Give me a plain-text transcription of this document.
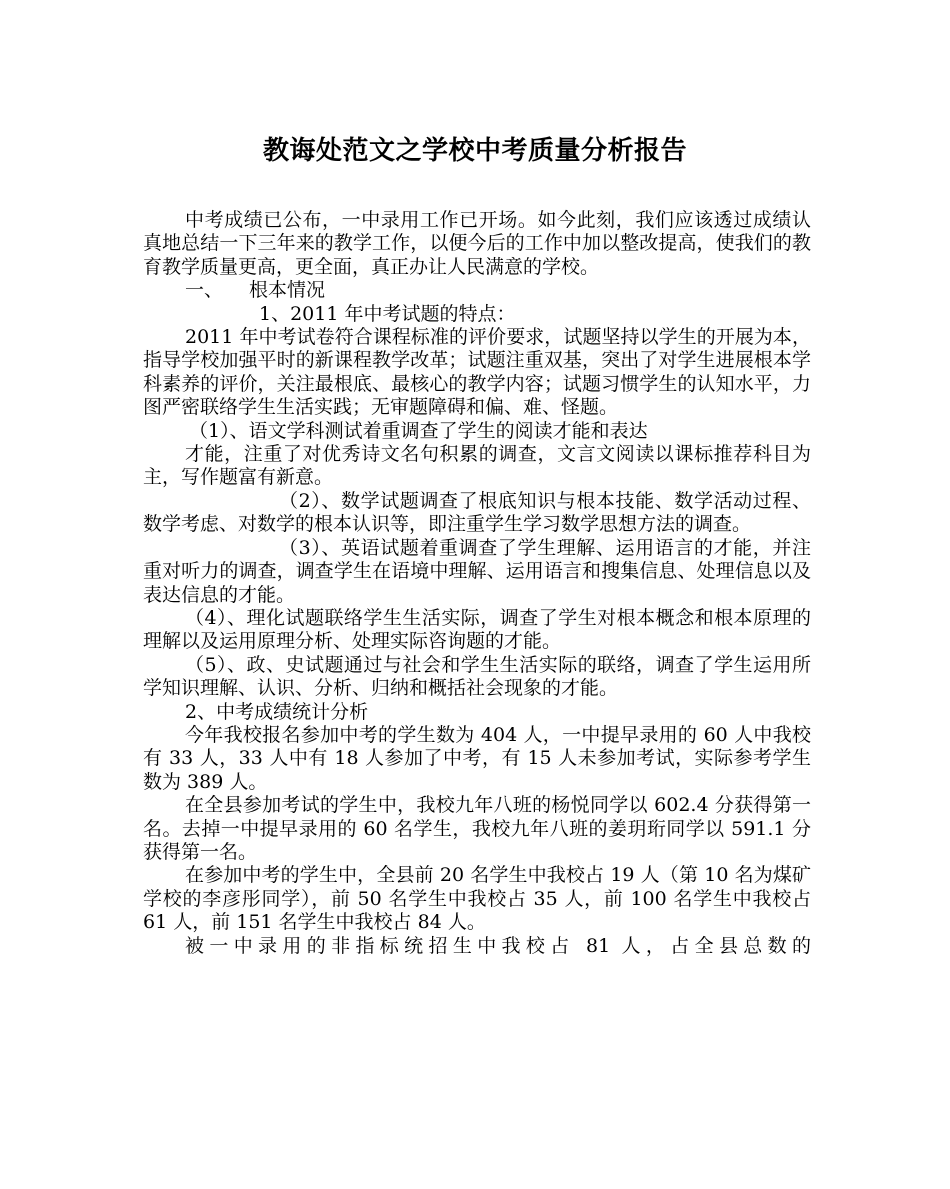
教诲处范文之学校中考质量分析报告

中考成绩已公布，一中录用工作已开场。如今此刻，我们应该透过成绩认真地总结一下三年来的教学工作，以便今后的工作中加以整改提高，使我们的教育教学质量更高，更全面，真正办让人民满意的学校。

一、 根本情况

1、2011 年中考试题的特点：

2011 年中考试卷符合课程标准的评价要求，试题坚持以学生的开展为本，指导学校加强平时的新课程教学改革；试题注重双基，突出了对学生进展根本学科素养的评价，关注最根底、最核心的教学内容；试题习惯学生的认知水平，力图严密联络学生生活实践；无审题障碍和偏、难、怪题。

（1）、语文学科测试着重调查了学生的阅读才能和表达

才能，注重了对优秀诗文名句积累的调查，文言文阅读以课标推荐科目为主，写作题富有新意。

（2）、数学试题调查了根底知识与根本技能、数学活动过程、数学考虑、对数学的根本认识等，即注重学生学习数学思想方法的调查。

（3）、英语试题着重调查了学生理解、运用语言的才能，并注重对听力的调查，调查学生在语境中理解、运用语言和搜集信息、处理信息以及表达信息的才能。

（4）、理化试题联络学生生活实际，调查了学生对根本概念和根本原理的理解以及运用原理分析、处理实际咨询题的才能。

（5）、政、史试题通过与社会和学生生活实际的联络，调查了学生运用所学知识理解、认识、分析、归纳和概括社会现象的才能。

2、中考成绩统计分析

今年我校报名参加中考的学生数为 404 人，一中提早录用的 60 人中我校有 33 人，33 人中有 18 人参加了中考，有 15 人未参加考试，实际参考学生数为 389 人。

在全县参加考试的学生中，我校九年八班的杨悦同学以 602.4 分获得第一名。去掉一中提早录用的 60 名学生，我校九年八班的姜玥珩同学以 591.1 分获得第一名。

在参加中考的学生中，全县前 20 名学生中我校占 19 人（第 10 名为煤矿学校的李彦彤同学），前 50 名学生中我校占 35 人，前 100 名学生中我校占 61 人，前 151 名学生中我校占 84 人。

被一中录用的非指标统招生中我校占 81 人，占全县总数的
